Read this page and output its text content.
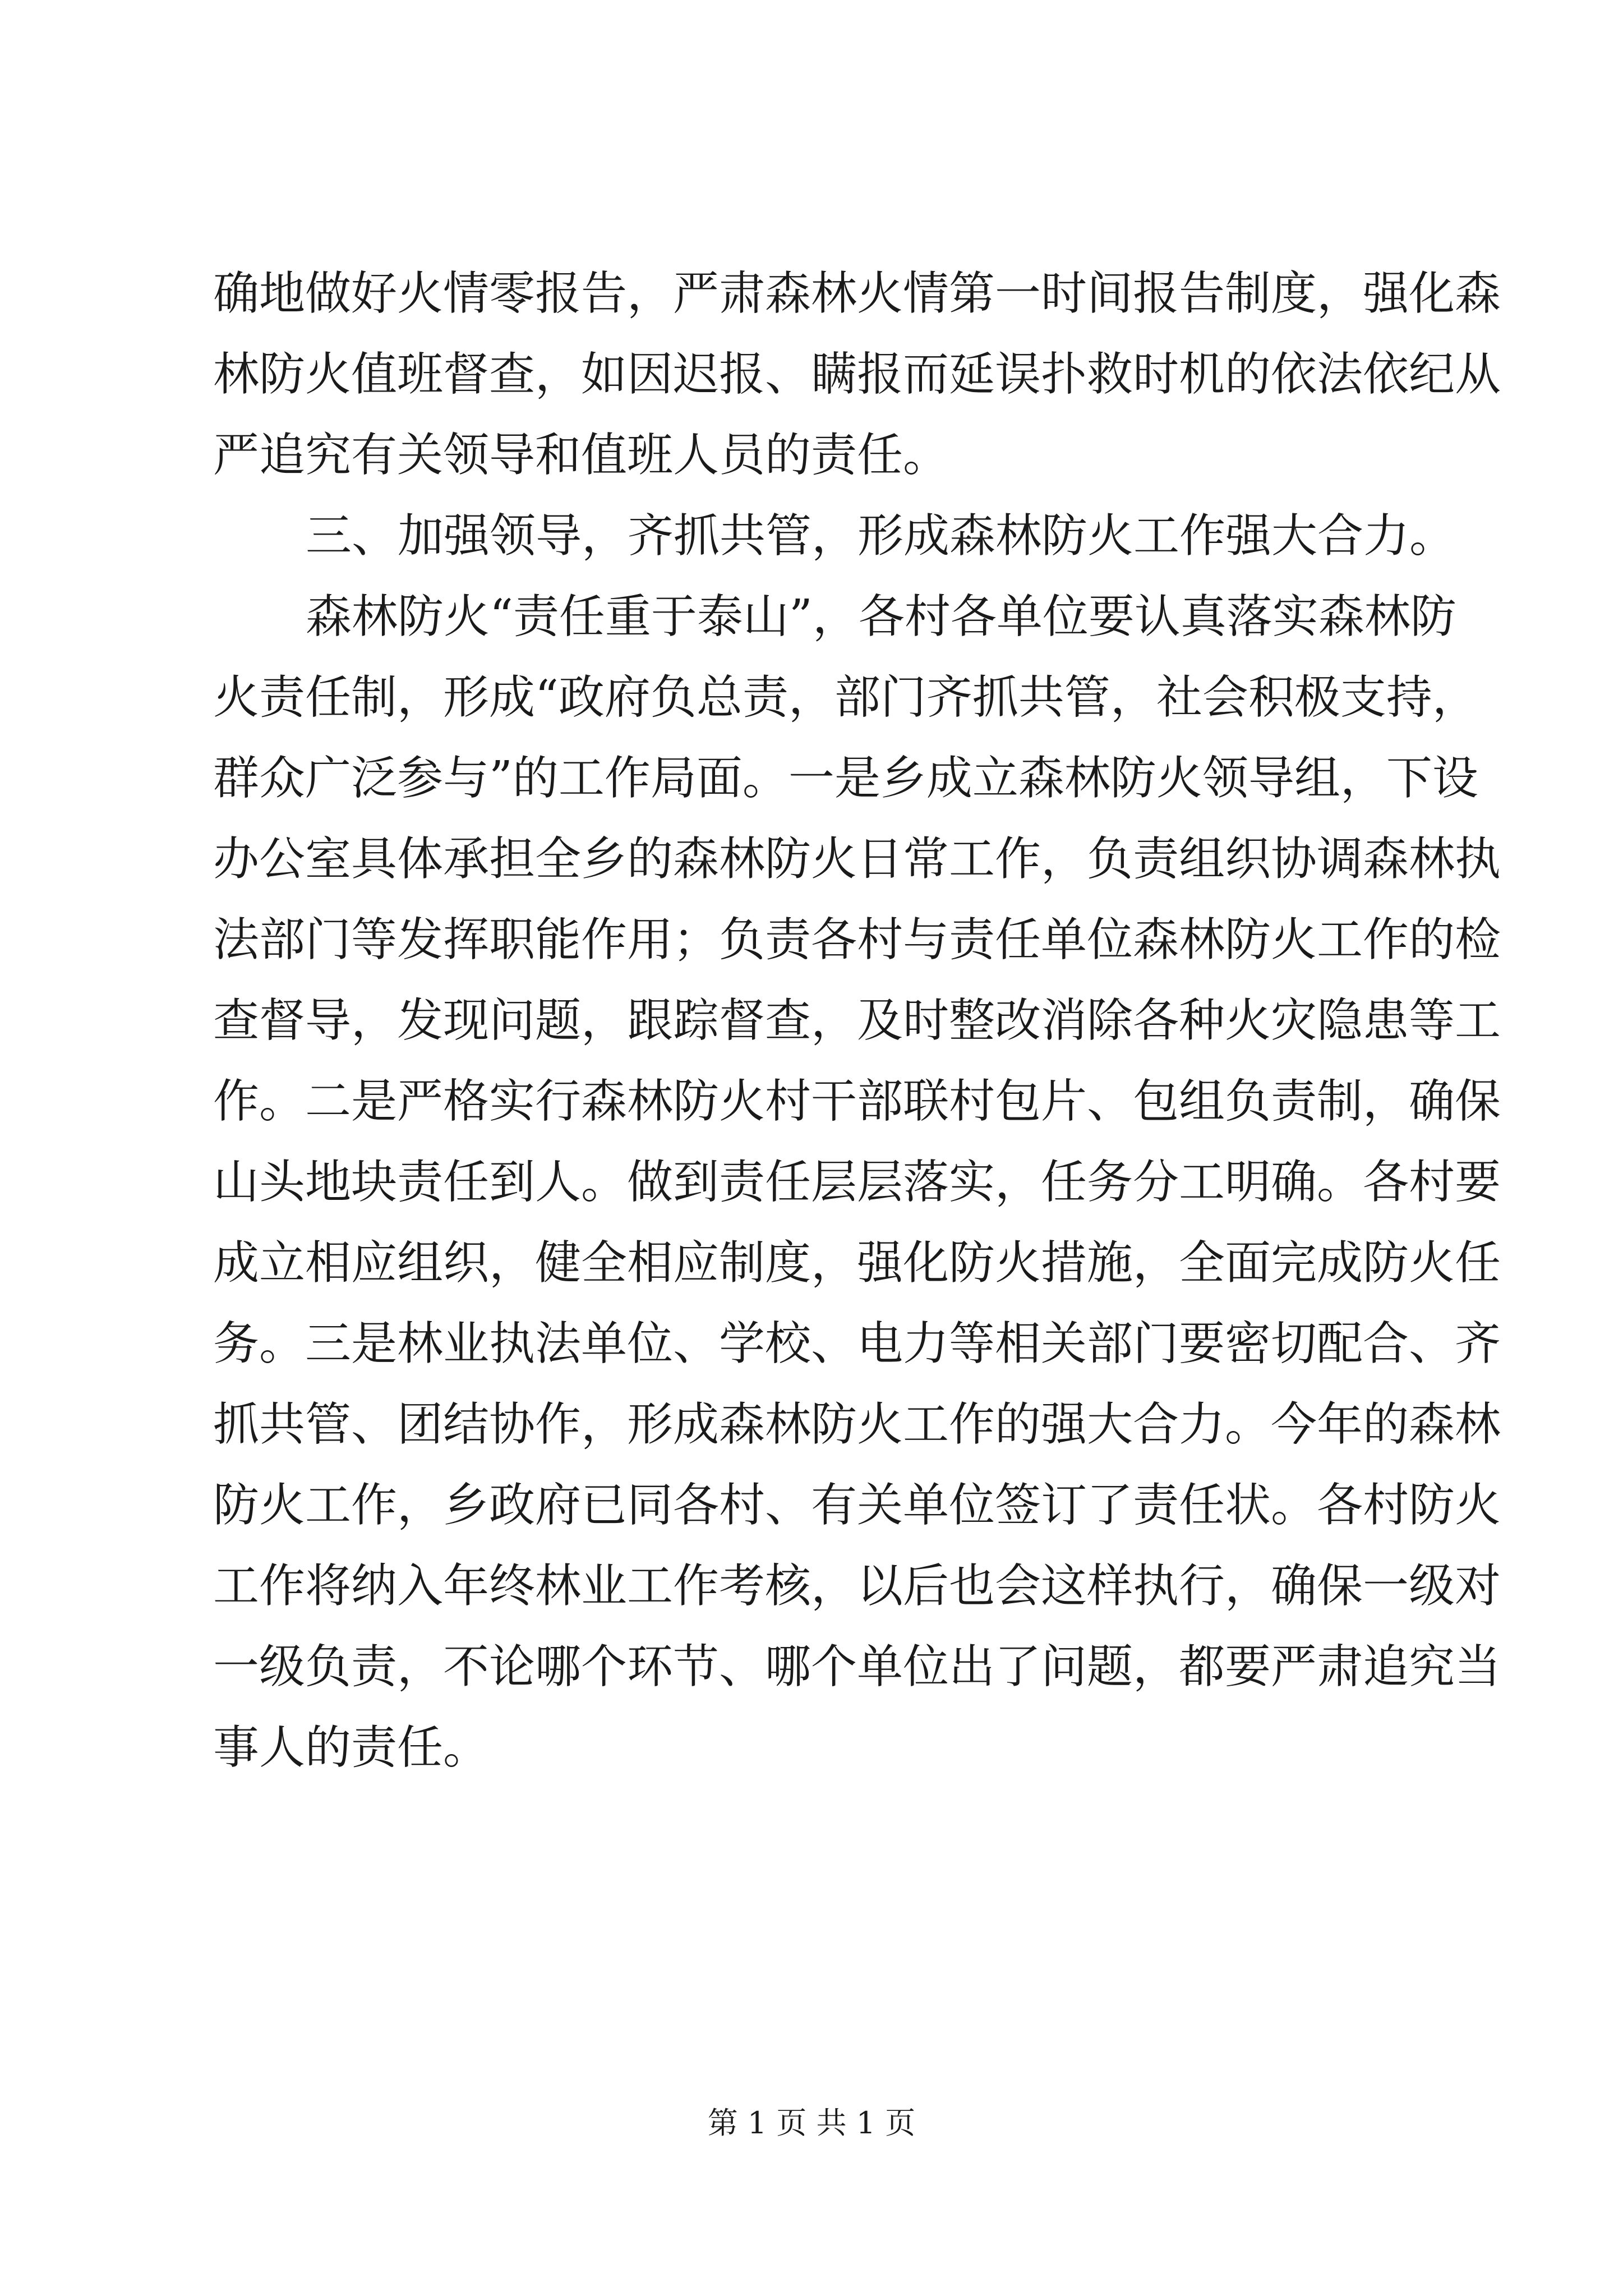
确地做好火情零报告，严肃森林火情第一时间报告制度，强化森
林防火值班督查，如因迟报、瞒报而延误扑救时机的依法依纪从
严追究有关领导和值班人员的责任。
三、加强领导，齐抓共管，形成森林防火工作强大合力。
森林防火“责任重于泰山”，各村各单位要认真落实森林防
火责任制，形成“政府负总责，部门齐抓共管，社会积极支持，
群众广泛参与”的工作局面。一是乡成立森林防火领导组，下设
办公室具体承担全乡的森林防火日常工作，负责组织协调森林执
法部门等发挥职能作用；负责各村与责任单位森林防火工作的检
查督导，发现问题，跟踪督查，及时整改消除各种火灾隐患等工
作。二是严格实行森林防火村干部联村包片、包组负责制，确保
山头地块责任到人。做到责任层层落实，任务分工明确。各村要
成立相应组织，健全相应制度，强化防火措施，全面完成防火任
务。三是林业执法单位、学校、电力等相关部门要密切配合、齐
抓共管、团结协作，形成森林防火工作的强大合力。今年的森林
防火工作，乡政府已同各村、有关单位签订了责任状。各村防火
工作将纳入年终林业工作考核，以后也会这样执行，确保一级对
一级负责，不论哪个环节、哪个单位出了问题，都要严肃追究当
事人的责任。
第 1 页 共 1 页
